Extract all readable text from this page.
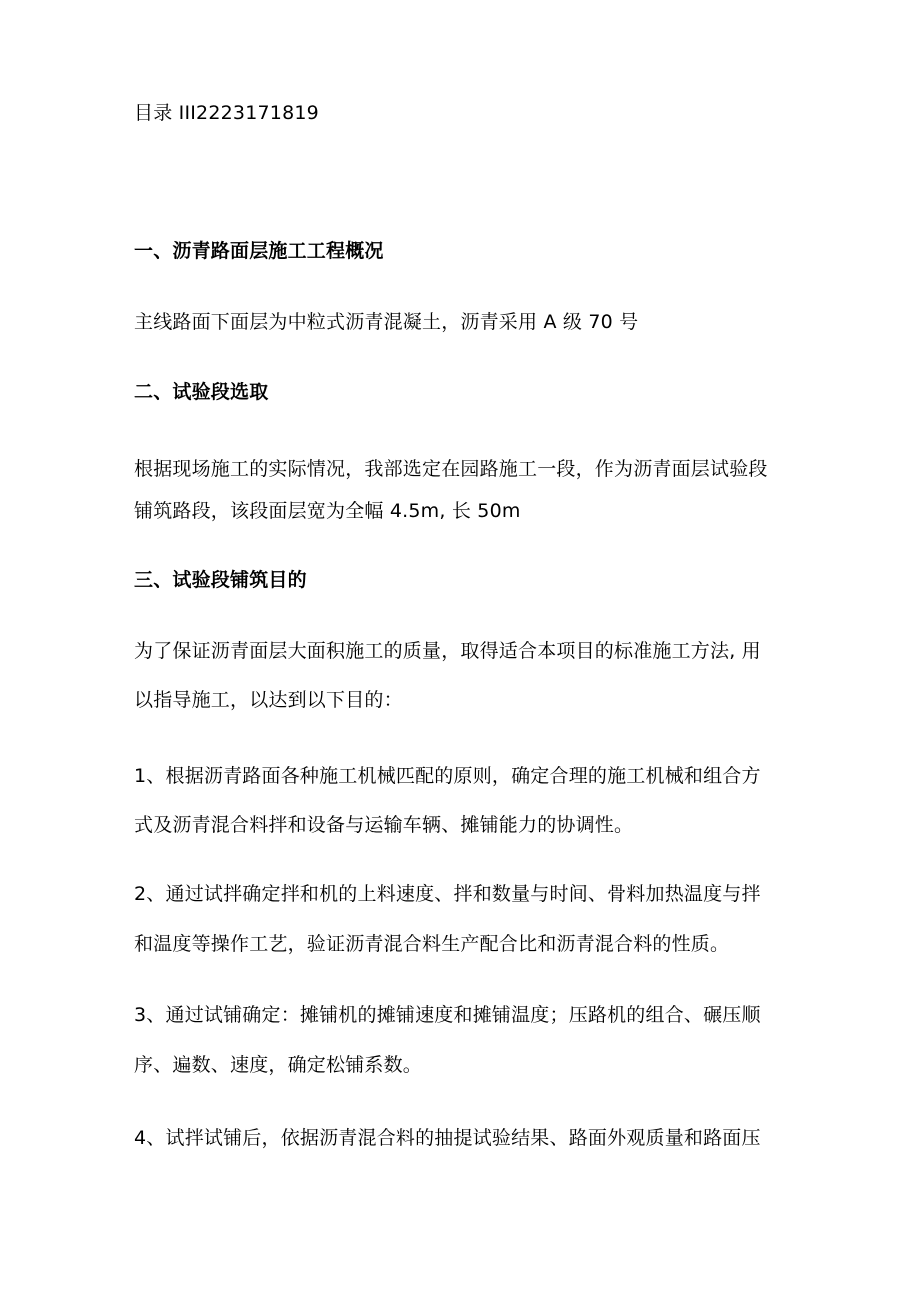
目录 III2223171819
一、沥青路面层施工工程概况
主线路面下面层为中粒式沥青混凝土，沥青采用 A 级 70 号
二、试验段选取
根据现场施工的实际情况，我部选定在园路施工一段，作为沥青面层试验段
铺筑路段，该段面层宽为全幅 4.5m, 长 50m
三、试验段铺筑目的
为了保证沥青面层大面积施工的质量，取得适合本项目的标准施工方法, 用
以指导施工，以达到以下目的：
1、根据沥青路面各种施工机械匹配的原则，确定合理的施工机械和组合方
式及沥青混合料拌和设备与运输车辆、摊铺能力的协调性。
2、通过试拌确定拌和机的上料速度、拌和数量与时间、骨料加热温度与拌
和温度等操作工艺，验证沥青混合料生产配合比和沥青混合料的性质。
3、通过试铺确定：摊铺机的摊铺速度和摊铺温度；压路机的组合、碾压顺
序、遍数、速度，确定松铺系数。
4、试拌试铺后，依据沥青混合料的抽提试验结果、路面外观质量和路面压
